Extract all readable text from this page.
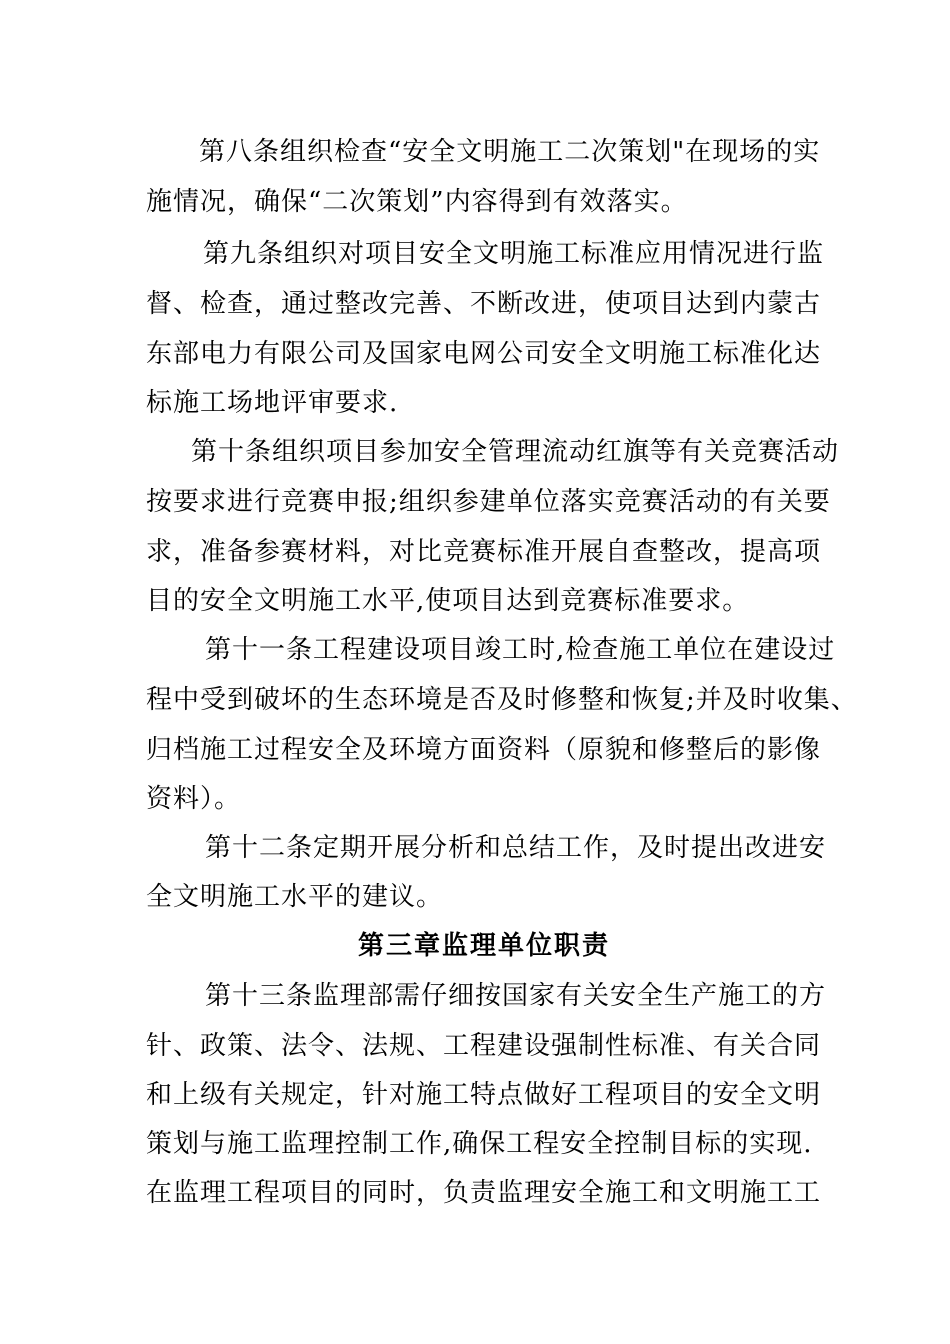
第八条组织检查“安全文明施工二次策划"在现场的实
施情况，确保“二次策划”内容得到有效落实。
第九条组织对项目安全文明施工标准应用情况进行监
督、检查，通过整改完善、不断改进，使项目达到内蒙古
东部电力有限公司及国家电网公司安全文明施工标准化达
标施工场地评审要求.
第十条组织项目参加安全管理流动红旗等有关竞赛活动
按要求进行竞赛申报;组织参建单位落实竞赛活动的有关要
求，准备参赛材料，对比竞赛标准开展自查整改，提高项
目的安全文明施工水平,使项目达到竞赛标准要求。
第十一条工程建设项目竣工时,检查施工单位在建设过
程中受到破坏的生态环境是否及时修整和恢复;并及时收集、
归档施工过程安全及环境方面资料（原貌和修整后的影像
资料）。
第十二条定期开展分析和总结工作，及时提出改进安
全文明施工水平的建议。
第三章监理单位职责
第十三条监理部需仔细按国家有关安全生产施工的方
针、政策、法令、法规、工程建设强制性标准、有关合同
和上级有关规定，针对施工特点做好工程项目的安全文明
策划与施工监理控制工作,确保工程安全控制目标的实现.
在监理工程项目的同时，负责监理安全施工和文明施工工
